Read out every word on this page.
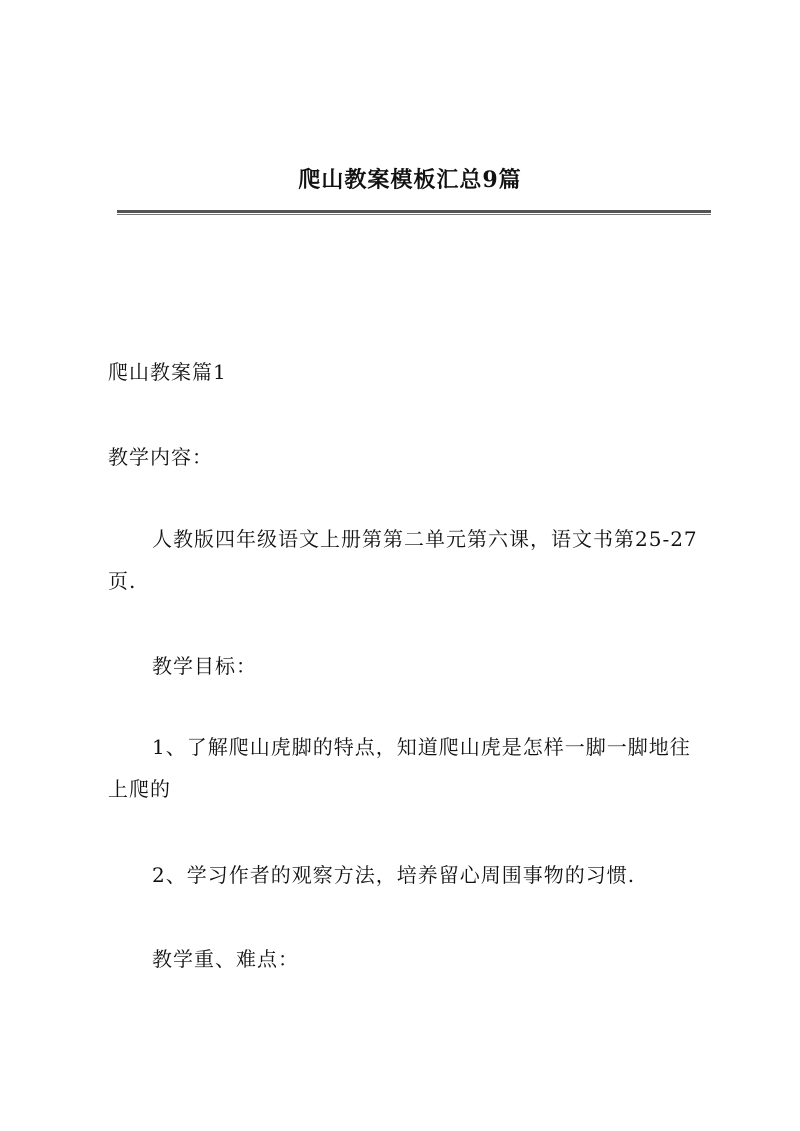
爬山教案模板汇总9篇
爬山教案篇1
教学内容：
人教版四年级语文上册第第二单元第六课，语文书第25-27页.
教学目标：
1、了解爬山虎脚的特点，知道爬山虎是怎样一脚一脚地往上爬的
2、学习作者的观察方法，培养留心周围事物的习惯.
教学重、难点：
